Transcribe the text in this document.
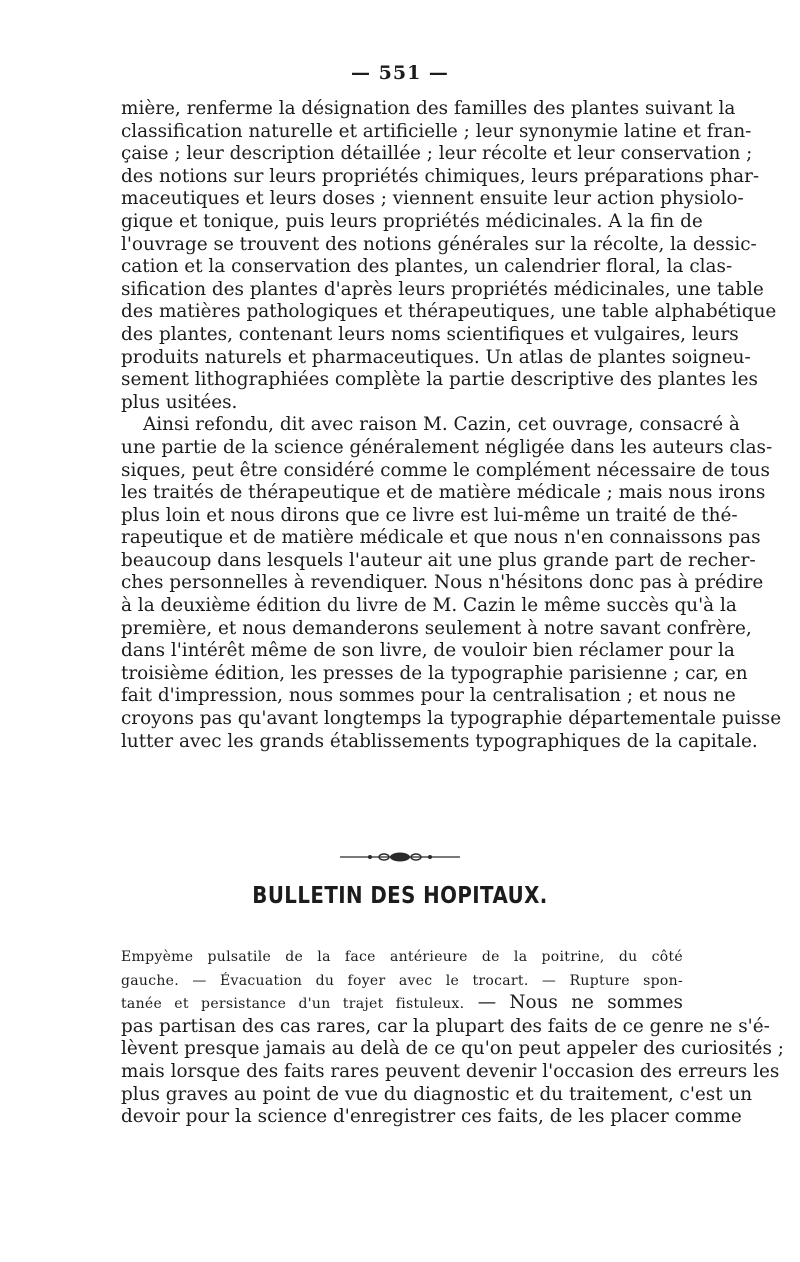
— 551 —
mière, renferme la désignation des familles des plantes suivant la
classification naturelle et artificielle ; leur synonymie latine et fran-
çaise ; leur description détaillée ; leur récolte et leur conservation ;
des notions sur leurs propriétés chimiques, leurs préparations phar-
maceutiques et leurs doses ; viennent ensuite leur action physiolo-
gique et tonique, puis leurs propriétés médicinales. A la fin de
l'ouvrage se trouvent des notions générales sur la récolte, la dessic-
cation et la conservation des plantes, un calendrier floral, la clas-
sification des plantes d'après leurs propriétés médicinales, une table
des matières pathologiques et thérapeutiques, une table alphabétique
des plantes, contenant leurs noms scientifiques et vulgaires, leurs
produits naturels et pharmaceutiques. Un atlas de plantes soigneu-
sement lithographiées complète la partie descriptive des plantes les
plus usitées.
Ainsi refondu, dit avec raison M. Cazin, cet ouvrage, consacré à
une partie de la science généralement négligée dans les auteurs clas-
siques, peut être considéré comme le complément nécessaire de tous
les traités de thérapeutique et de matière médicale ; mais nous irons
plus loin et nous dirons que ce livre est lui-même un traité de thé-
rapeutique et de matière médicale et que nous n'en connaissons pas
beaucoup dans lesquels l'auteur ait une plus grande part de recher-
ches personnelles à revendiquer. Nous n'hésitons donc pas à prédire
à la deuxième édition du livre de M. Cazin le même succès qu'à la
première, et nous demanderons seulement à notre savant confrère,
dans l'intérêt même de son livre, de vouloir bien réclamer pour la
troisième édition, les presses de la typographie parisienne ; car, en
fait d'impression, nous sommes pour la centralisation ; et nous ne
croyons pas qu'avant longtemps la typographie départementale puisse
lutter avec les grands établissements typographiques de la capitale.
BULLETIN DES HOPITAUX.
Empyème pulsatile de la face antérieure de la poitrine, du côté
gauche. — Évacuation du foyer avec le trocart. — Rupture spon-
tanée et persistance d'un trajet fistuleux. — Nous ne sommes
pas partisan des cas rares, car la plupart des faits de ce genre ne s'é-
lèvent presque jamais au delà de ce qu'on peut appeler des curiosités ;
mais lorsque des faits rares peuvent devenir l'occasion des erreurs les
plus graves au point de vue du diagnostic et du traitement, c'est un
devoir pour la science d'enregistrer ces faits, de les placer comme
